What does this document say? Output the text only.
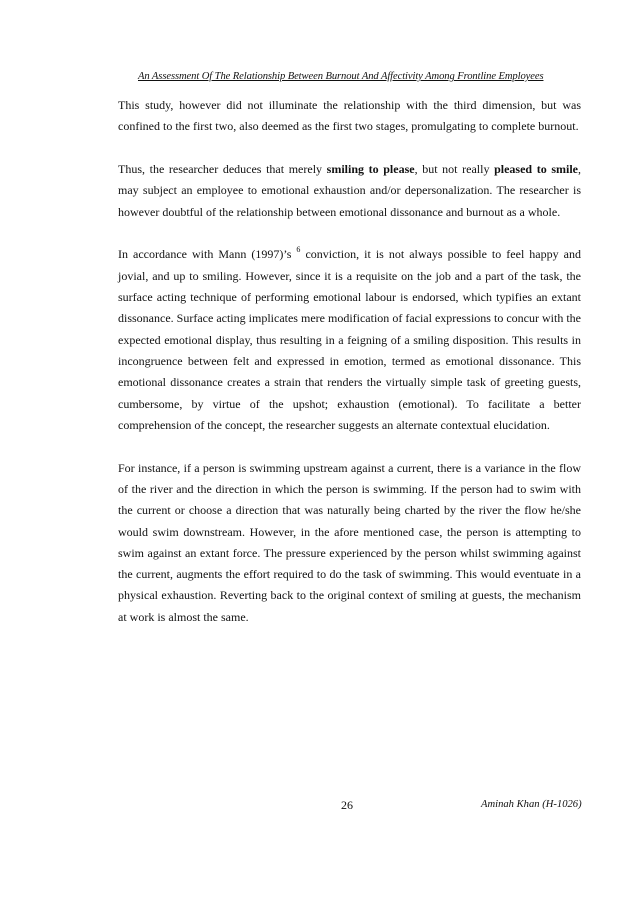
An Assessment Of The Relationship Between Burnout And Affectivity Among Frontline Employees

This study, however did not illuminate the relationship with the third dimension, but was confined to the first two, also deemed as the first two stages, promulgating to complete burnout.

Thus, the researcher deduces that merely smiling to please, but not really pleased to smile, may subject an employee to emotional exhaustion and/or depersonalization. The researcher is however doubtful of the relationship between emotional dissonance and burnout as a whole.

In accordance with Mann (1997)’s $^6$ conviction, it is not always possible to feel happy and jovial, and up to smiling. However, since it is a requisite on the job and a part of the task, the surface acting technique of performing emotional labour is endorsed, which typifies an extant dissonance. Surface acting implicates mere modification of facial expressions to concur with the expected emotional display, thus resulting in a feigning of a smiling disposition. This results in incongruence between felt and expressed in emotion, termed as emotional dissonance. This emotional dissonance creates a strain that renders the virtually simple task of greeting guests, cumbersome, by virtue of the upshot; exhaustion (emotional). To facilitate a better comprehension of the concept, the researcher suggests an alternate contextual elucidation.

For instance, if a person is swimming upstream against a current, there is a variance in the flow of the river and the direction in which the person is swimming. If the person had to swim with the current or choose a direction that was naturally being charted by the river the flow he/she would swim downstream. However, in the afore mentioned case, the person is attempting to swim against an extant force. The pressure experienced by the person whilst swimming against the current, augments the effort required to do the task of swimming. This would eventuate in a physical exhaustion. Reverting back to the original context of smiling at guests, the mechanism at work is almost the same.

26	Aminah Khan (H-1026)
